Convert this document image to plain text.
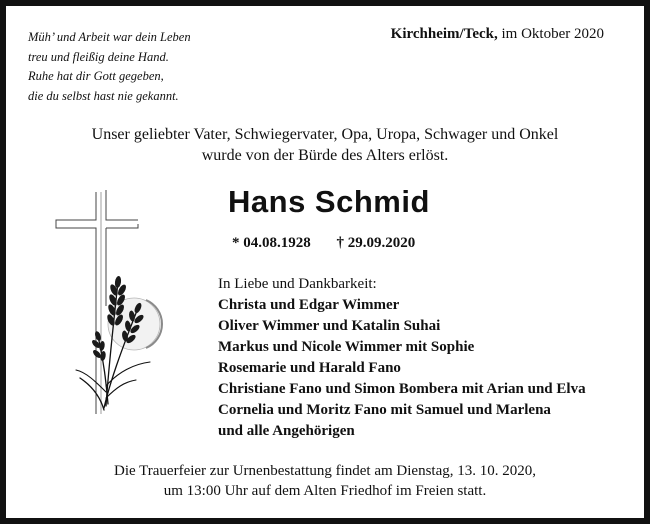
Müh’ und Arbeit war dein Leben
treu und fleißig deine Hand.
Ruhe hat dir Gott gegeben,
die du selbst hast nie gekannt.
Kirchheim/Teck, im Oktober 2020
Unser geliebter Vater, Schwiegervater, Opa, Uropa, Schwager und Onkel
wurde von der Bürde des Alters erlöst.
Hans Schmid
* 04.08.1928 † 29.09.2020
In Liebe und Dankbarkeit:
Christa und Edgar Wimmer
Oliver Wimmer und Katalin Suhai
Markus und Nicole Wimmer mit Sophie
Rosemarie und Harald Fano
Christiane Fano und Simon Bombera mit Arian und Elva
Cornelia und Moritz Fano mit Samuel und Marlena
und alle Angehörigen
Die Trauerfeier zur Urnenbestattung findet am Dienstag, 13. 10. 2020,
um 13:00 Uhr auf dem Alten Friedhof im Freien statt.
